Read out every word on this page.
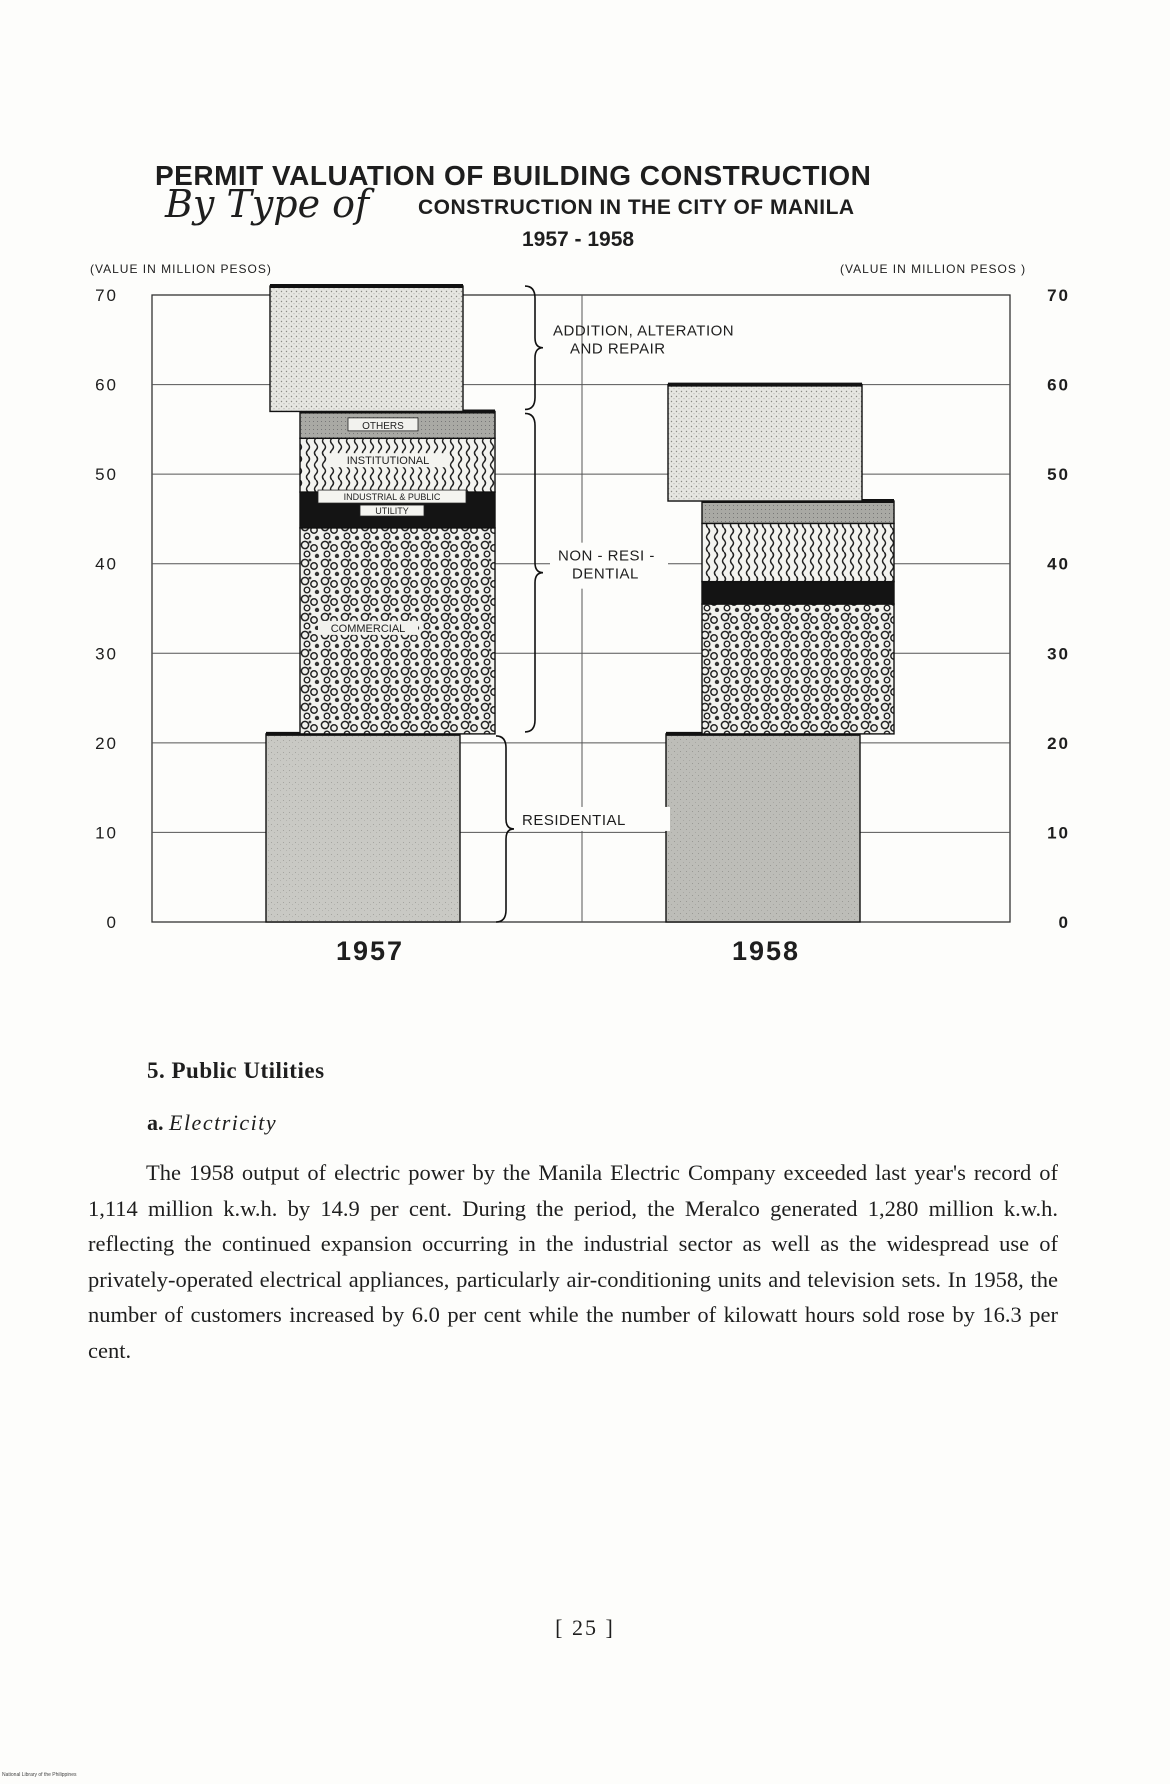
PERMIT VALUATION OF BUILDING CONSTRUCTION
By Type of CONSTRUCTION IN THE CITY OF MANILA
1957 - 1958
(VALUE IN MILLION PESOS)	(VALUE IN MILLION PESOS )
0	0
10	10
20	20
30	30
40	40
50	50
60	60
70	70
1957	1958
OTHERS
INSTITUTIONAL
INDUSTRIAL & PUBLIC
UTILITY
COMMERCIAL
ADDITION, ALTERATION
AND REPAIR
NON - RESI -
DENTIAL
RESIDENTIAL
5. Public Utilities
a. Electricity

The 1958 output of electric power by the Manila Electric Company exceeded last year's record of 1,114 million k.w.h. by 14.9 per cent. During the period, the Meralco generated 1,280 million k.w.h. reflecting the continued expansion occurring in the industrial sector as well as the widespread use of privately-operated electrical appliances, particularly air-conditioning units and television sets. In 1958, the number of customers increased by 6.0 per cent while the number of kilowatt hours sold rose by 16.3 per cent.

[ 25 ]
National Library of the Philippines
